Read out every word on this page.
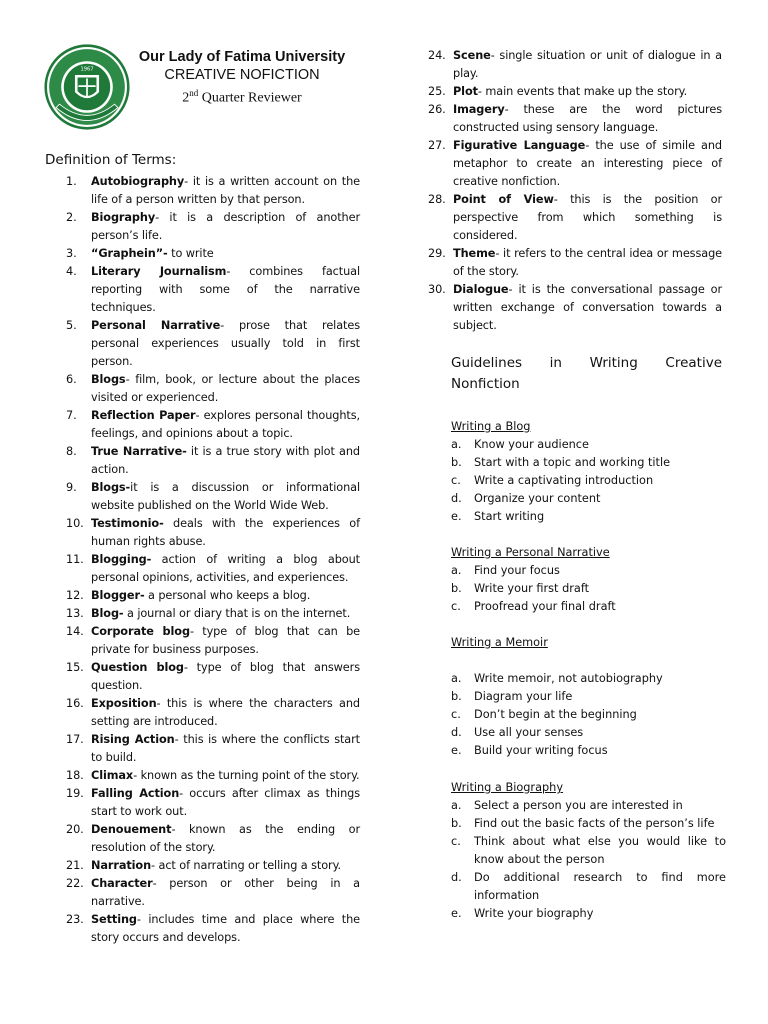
1967
Our Lady of Fatima University
CREATIVE NOFICTION
2nd Quarter Reviewer
Definition of Terms:
1. Autobiography- it is a written account on the life of a person written by that person.
2. Biography- it is a description of another person’s life.
3. “Graphein”- to write
4. Literary Journalism- combines factual reporting with some of the narrative techniques.
5. Personal Narrative- prose that relates personal experiences usually told in first person.
6. Blogs- film, book, or lecture about the places visited or experienced.
7. Reflection Paper- explores personal thoughts, feelings, and opinions about a topic.
8. True Narrative- it is a true story with plot and action.
9. Blogs-it is a discussion or informational website published on the World Wide Web.
10. Testimonio- deals with the experiences of human rights abuse.
11. Blogging- action of writing a blog about personal opinions, activities, and experiences.
12. Blogger- a personal who keeps a blog.
13. Blog- a journal or diary that is on the internet.
14. Corporate blog- type of blog that can be private for business purposes.
15. Question blog- type of blog that answers question.
16. Exposition- this is where the characters and setting are introduced.
17. Rising Action- this is where the conflicts start to build.
18. Climax- known as the turning point of the story.
19. Falling Action- occurs after climax as things start to work out.
20. Denouement- known as the ending or resolution of the story.
21. Narration- act of narrating or telling a story.
22. Character- person or other being in a narrative.
23. Setting- includes time and place where the story occurs and develops.
24. Scene- single situation or unit of dialogue in a play.
25. Plot- main events that make up the story.
26. Imagery- these are the word pictures constructed using sensory language.
27. Figurative Language- the use of simile and metaphor to create an interesting piece of creative nonfiction.
28. Point of View- this is the position or perspective from which something is considered.
29. Theme- it refers to the central idea or message of the story.
30. Dialogue- it is the conversational passage or written exchange of conversation towards a subject.
Guidelines in Writing Creative Nonfiction
Writing a Blog
a. Know your audience
b. Start with a topic and working title
c. Write a captivating introduction
d. Organize your content
e. Start writing
Writing a Personal Narrative
a. Find your focus
b. Write your first draft
c. Proofread your final draft
Writing a Memoir
a. Write memoir, not autobiography
b. Diagram your life
c. Don’t begin at the beginning
d. Use all your senses
e. Build your writing focus
Writing a Biography
a. Select a person you are interested in
b. Find out the basic facts of the person’s life
c. Think about what else you would like to know about the person
d. Do additional research to find more information
e. Write your biography
